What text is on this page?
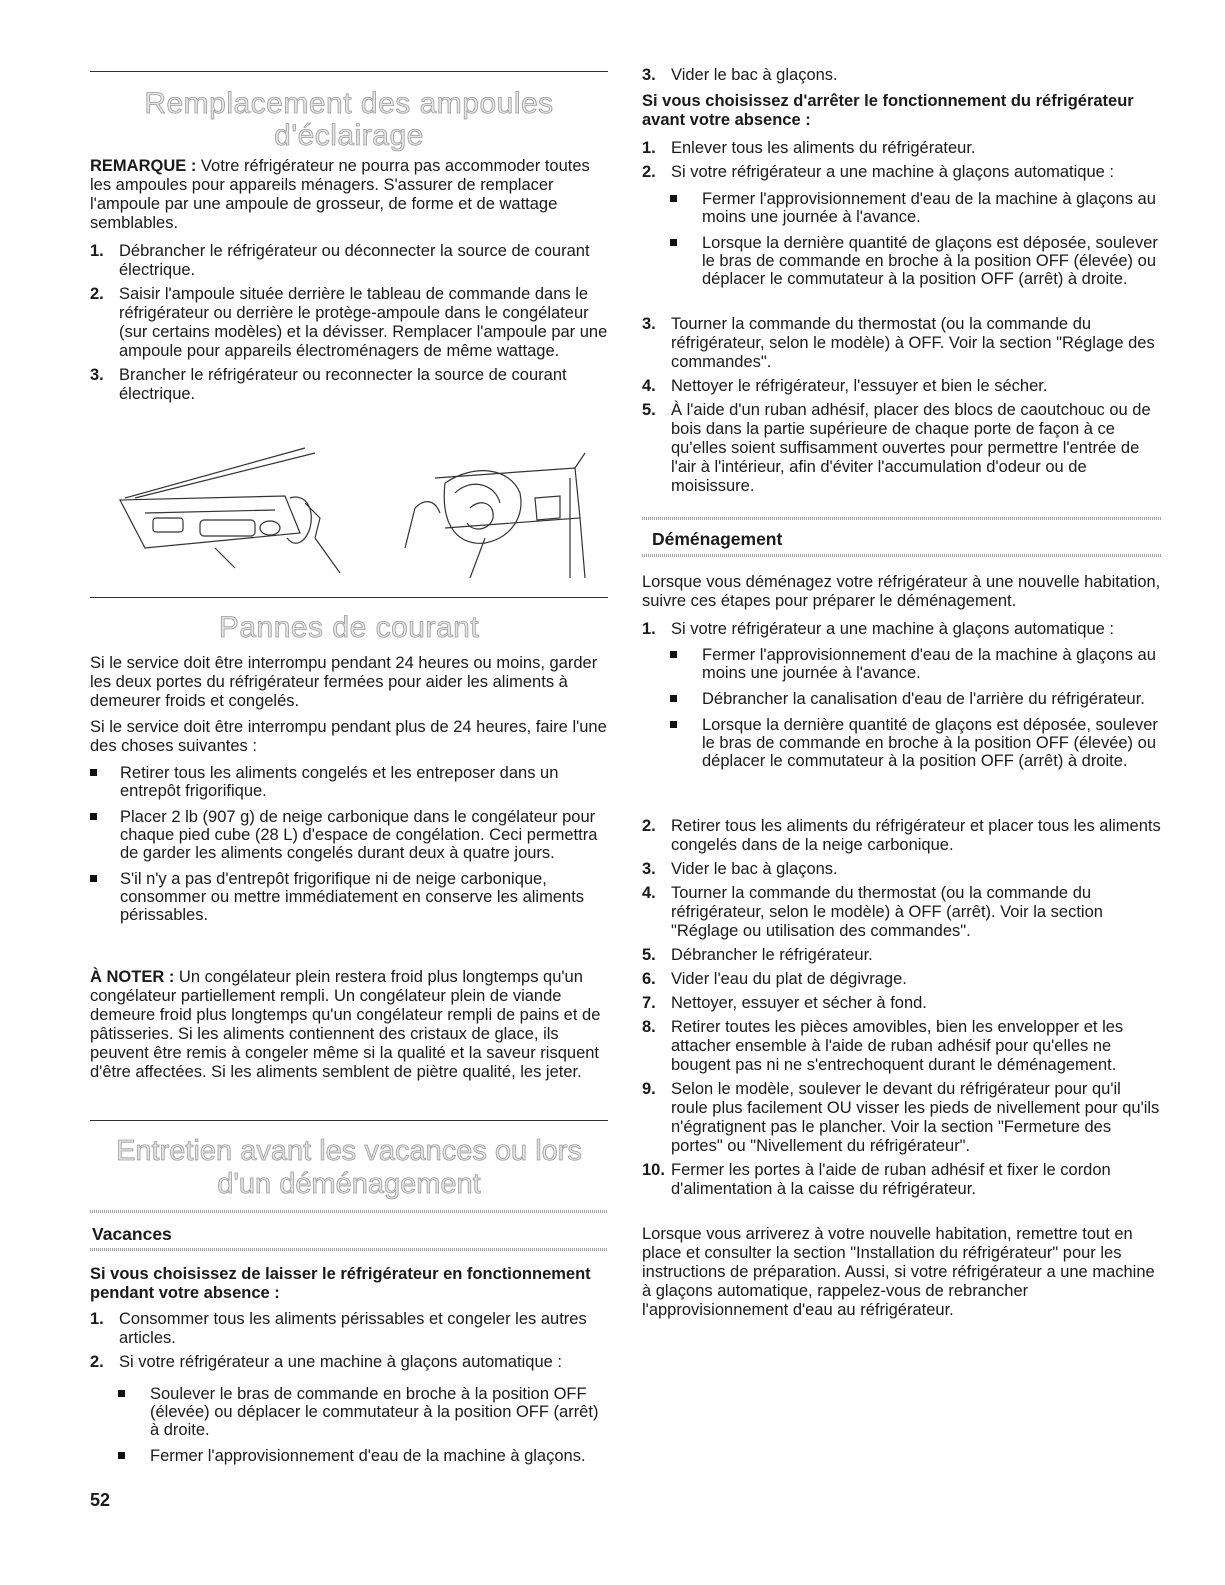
Remplacement des ampoules
d'éclairage

REMARQUE : Votre réfrigérateur ne pourra pas accommoder toutes les ampoules pour appareils ménagers. S'assurer de remplacer l'ampoule par une ampoule de grosseur, de forme et de wattage semblables.

1. Débrancher le réfrigérateur ou déconnecter la source de courant électrique.
2. Saisir l'ampoule située derrière le tableau de commande dans le réfrigérateur ou derrière le protège-ampoule dans le congélateur (sur certains modèles) et la dévisser. Remplacer l'ampoule par une ampoule pour appareils électroménagers de même wattage.
3. Brancher le réfrigérateur ou reconnecter la source de courant électrique.
Pannes de courant

Si le service doit être interrompu pendant 24 heures ou moins, garder les deux portes du réfrigérateur fermées pour aider les aliments à demeurer froids et congelés.

Si le service doit être interrompu pendant plus de 24 heures, faire l'une des choses suivantes :

Retirer tous les aliments congelés et les entreposer dans un entrepôt frigorifique.
Placer 2 lb (907 g) de neige carbonique dans le congélateur pour chaque pied cube (28 L) d'espace de congélation. Ceci permettra de garder les aliments congelés durant deux à quatre jours.
S'il n'y a pas d'entrepôt frigorifique ni de neige carbonique, consommer ou mettre immédiatement en conserve les aliments périssables.

À NOTER : Un congélateur plein restera froid plus longtemps qu'un congélateur partiellement rempli. Un congélateur plein de viande demeure froid plus longtemps qu'un congélateur rempli de pains et de pâtisseries. Si les aliments contiennent des cristaux de glace, ils peuvent être remis à congeler même si la qualité et la saveur risquent d'être affectées. Si les aliments semblent de piètre qualité, les jeter.

Entretien avant les vacances ou lors
d'un déménagement
Vacances

Si vous choisissez de laisser le réfrigérateur en fonctionnement pendant votre absence :

1. Consommer tous les aliments périssables et congeler les autres articles.
2. Si votre réfrigérateur a une machine à glaçons automatique :
Soulever le bras de commande en broche à la position OFF (élevée) ou déplacer le commutateur à la position OFF (arrêt) à droite.
Fermer l'approvisionnement d'eau de la machine à glaçons.
3. Vider le bac à glaçons.

Si vous choisissez d'arrêter le fonctionnement du réfrigérateur avant votre absence :

1. Enlever tous les aliments du réfrigérateur.
2. Si votre réfrigérateur a une machine à glaçons automatique :
Fermer l'approvisionnement d'eau de la machine à glaçons au moins une journée à l'avance.
Lorsque la dernière quantité de glaçons est déposée, soulever le bras de commande en broche à la position OFF (élevée) ou déplacer le commutateur à la position OFF (arrêt) à droite.
3. Tourner la commande du thermostat (ou la commande du réfrigérateur, selon le modèle) à OFF. Voir la section "Réglage des commandes".
4. Nettoyer le réfrigérateur, l'essuyer et bien le sécher.
5. À l'aide d'un ruban adhésif, placer des blocs de caoutchouc ou de bois dans la partie supérieure de chaque porte de façon à ce qu'elles soient suffisamment ouvertes pour permettre l'entrée de l'air à l'intérieur, afin d'éviter l'accumulation d'odeur ou de moisissure.
Déménagement

Lorsque vous déménagez votre réfrigérateur à une nouvelle habitation, suivre ces étapes pour préparer le déménagement.

1. Si votre réfrigérateur a une machine à glaçons automatique :
Fermer l'approvisionnement d'eau de la machine à glaçons au moins une journée à l'avance.
Débrancher la canalisation d'eau de l'arrière du réfrigérateur.
Lorsque la dernière quantité de glaçons est déposée, soulever le bras de commande en broche à la position OFF (élevée) ou déplacer le commutateur à la position OFF (arrêt) à droite.
2. Retirer tous les aliments du réfrigérateur et placer tous les aliments congelés dans de la neige carbonique.
3. Vider le bac à glaçons.
4. Tourner la commande du thermostat (ou la commande du réfrigérateur, selon le modèle) à OFF (arrêt). Voir la section "Réglage ou utilisation des commandes".
5. Débrancher le réfrigérateur.
6. Vider l'eau du plat de dégivrage.
7. Nettoyer, essuyer et sécher à fond.
8. Retirer toutes les pièces amovibles, bien les envelopper et les attacher ensemble à l'aide de ruban adhésif pour qu'elles ne bougent pas ni ne s'entrechoquent durant le déménagement.
9. Selon le modèle, soulever le devant du réfrigérateur pour qu'il roule plus facilement OU visser les pieds de nivellement pour qu'ils n'égratignent pas le plancher. Voir la section "Fermeture des portes" ou "Nivellement du réfrigérateur".
10. Fermer les portes à l'aide de ruban adhésif et fixer le cordon d'alimentation à la caisse du réfrigérateur.

Lorsque vous arriverez à votre nouvelle habitation, remettre tout en place et consulter la section "Installation du réfrigérateur" pour les instructions de préparation. Aussi, si votre réfrigérateur a une machine à glaçons automatique, rappelez-vous de rebrancher l'approvisionnement d'eau au réfrigérateur.

52
